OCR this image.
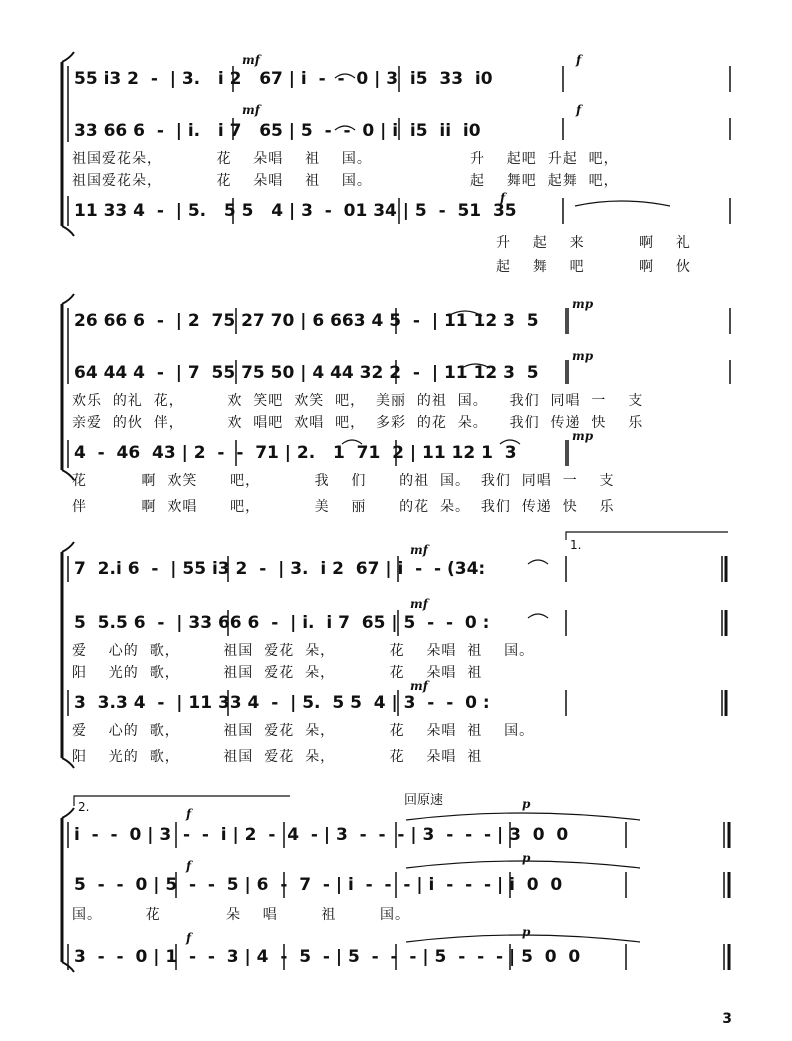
mf	f
55 i3 2  -  | 3.   i 2   67 | i  -  -  0 | 3  i5  33  i0
mf	f
33 66 6  -  | i.   i 7   65 | 5  -  -  0 | i  i5  ii  i0
祖国爱花朵，          花    朵唱    祖    国。                  升    起吧  升起  吧，
祖国爱花朵，          花    朵唱    祖    国。                  起    舞吧  起舞  吧，
f
11 33 4  -  | 5.   5 5   4 | 3  -  01 34 | 5  -  51  35
升    起    来          啊    礼
起    舞    吧          啊    伙
mp
26 66 6  -  | 2  75 27 70 | 6 663 4 5  -  | 11 12 3  5
mp
64 44 4  -  | 7  55 75 50 | 4 44 32 2  -  | 11 12 3  5
欢乐  的礼  花，        欢  笑吧  欢笑  吧，  美丽  的祖  国。    我们  同唱  一    支
亲爱  的伙  伴，        欢  唱吧  欢唱  吧，  多彩  的花  朵。    我们  传递  快    乐
mp
4  -  46  43 | 2  -  -  71 | 2.   1  71  2 | 11 12 1  3
花          啊  欢笑      吧，          我    们      的祖  国。  我们  同唱  一    支
伴          啊  欢唱      吧，          美    丽      的花  朵。  我们  传递  快    乐
1.
mf
7  2.i 6  -  | 55 i3 2  -  | 3.  i 2  67 | i  -  - (34:
mf
5  5.5 6  -  | 33 66 6  -  | i.  i 7  65 | 5  -  -  0 :
爱    心的  歌，        祖国  爱花  朵，          花    朵唱  祖    国。
阳    光的  歌，        祖国  爱花  朵，          花    朵唱  祖
mf
3  3.3 4  -  | 11 33 4  -  | 5.  5 5  4 | 3  -  -  0 :
爱    心的  歌，        祖国  爱花  朵，          花    朵唱  祖    国。
阳    光的  歌，        祖国  爱花  朵，          花    朵唱  祖
2.	回原速
f
p
i  -  -  0 | 3  -  -  i | 2  -  4  - | 3  -  -  - | 3  -  -  - | 3  0  0
f
p
5  -  -  0 | 5  -  -  5 | 6  -  7  - | i  -  -  - | i  -  -  - | i  0  0
国。        花            朵    唱        祖        国。
f	p
3  -  -  0 | 1  -  -  3 | 4  -  5  - | 5  -  -  - | 5  -  -  - | 5  0  0
3
